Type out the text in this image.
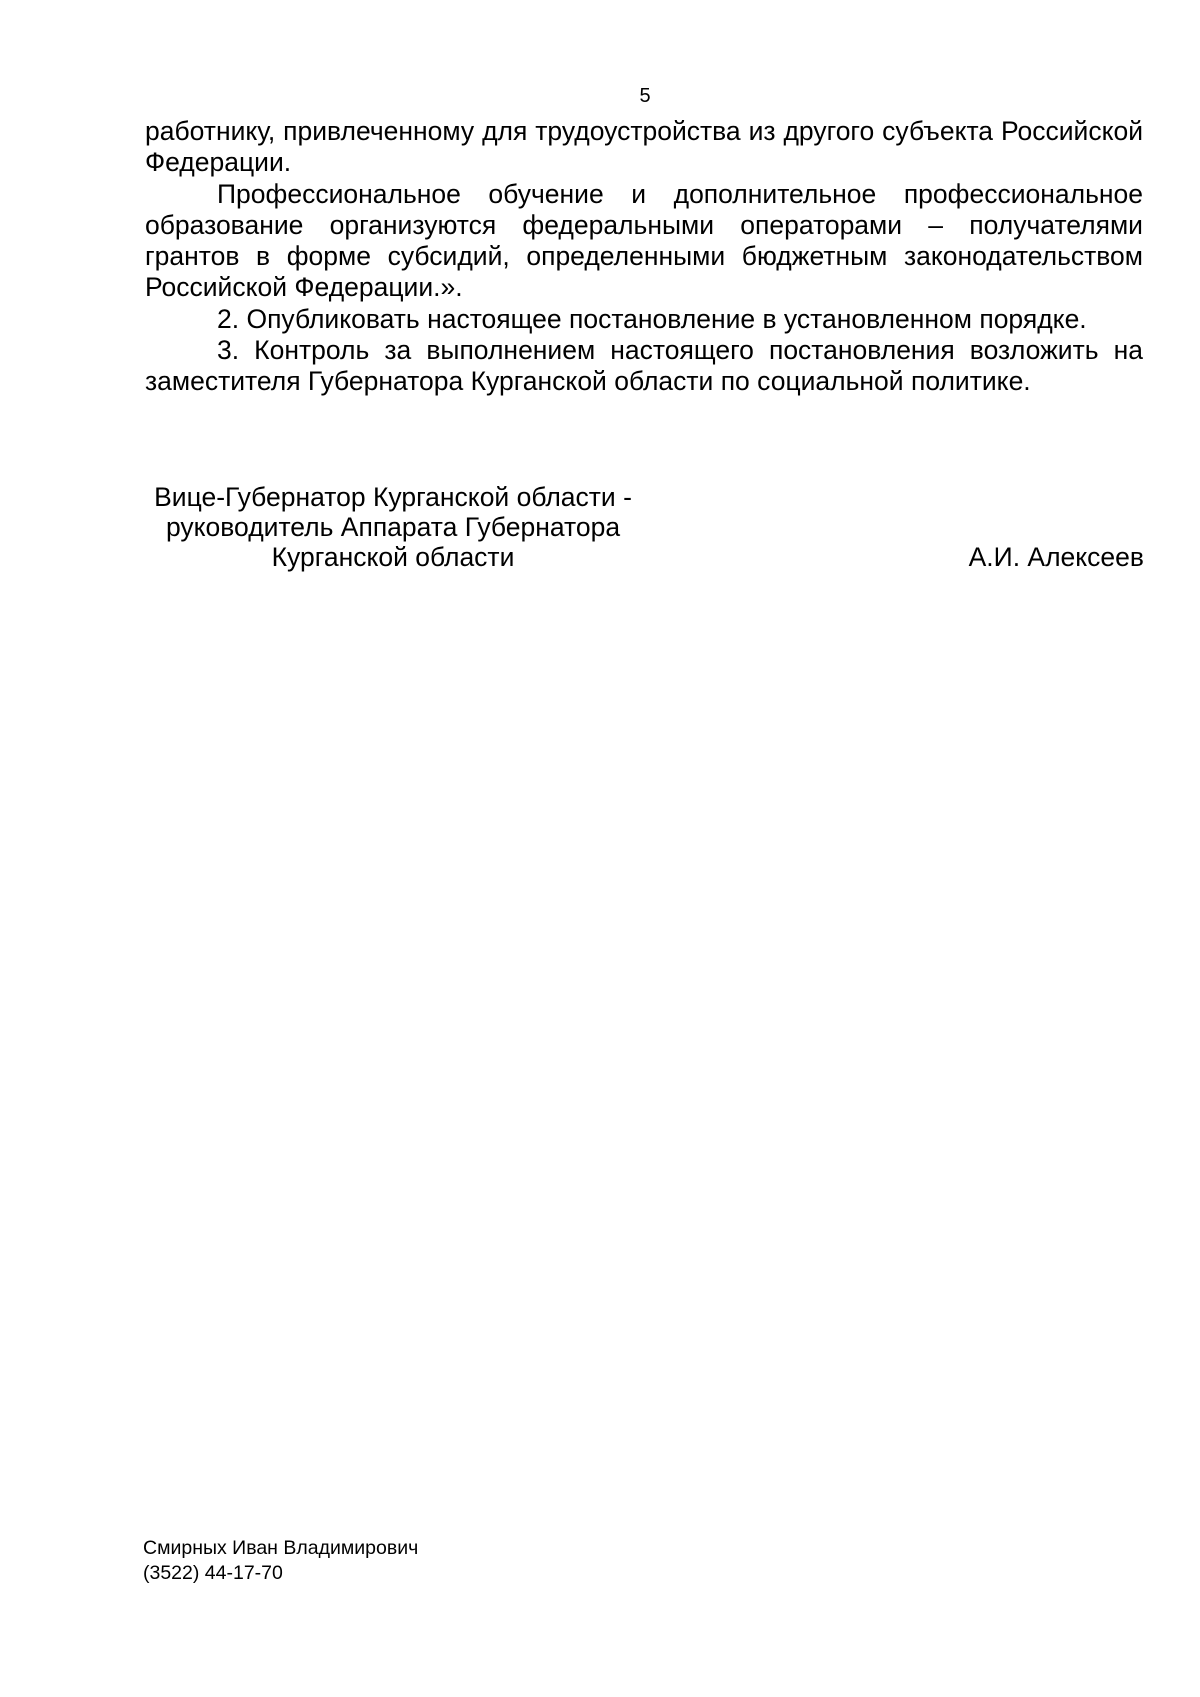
5

работнику, привлеченному для трудоустройства из другого субъекта Российской Федерации.

Профессиональное обучение и дополнительное профессиональное образование организуются федеральными операторами – получателями грантов в форме субсидий, определенными бюджетным законодательством Российской Федерации.».

2. Опубликовать настоящее постановление в установленном порядке.

3. Контроль за выполнением настоящего постановления возложить на заместителя Губернатора Курганской области по социальной политике.

Вице-Губернатор Курганской области -
руководитель Аппарата Губернатора
Курганской области	А.И. Алексеев
Смирных Иван Владимирович
(3522) 44-17-70
